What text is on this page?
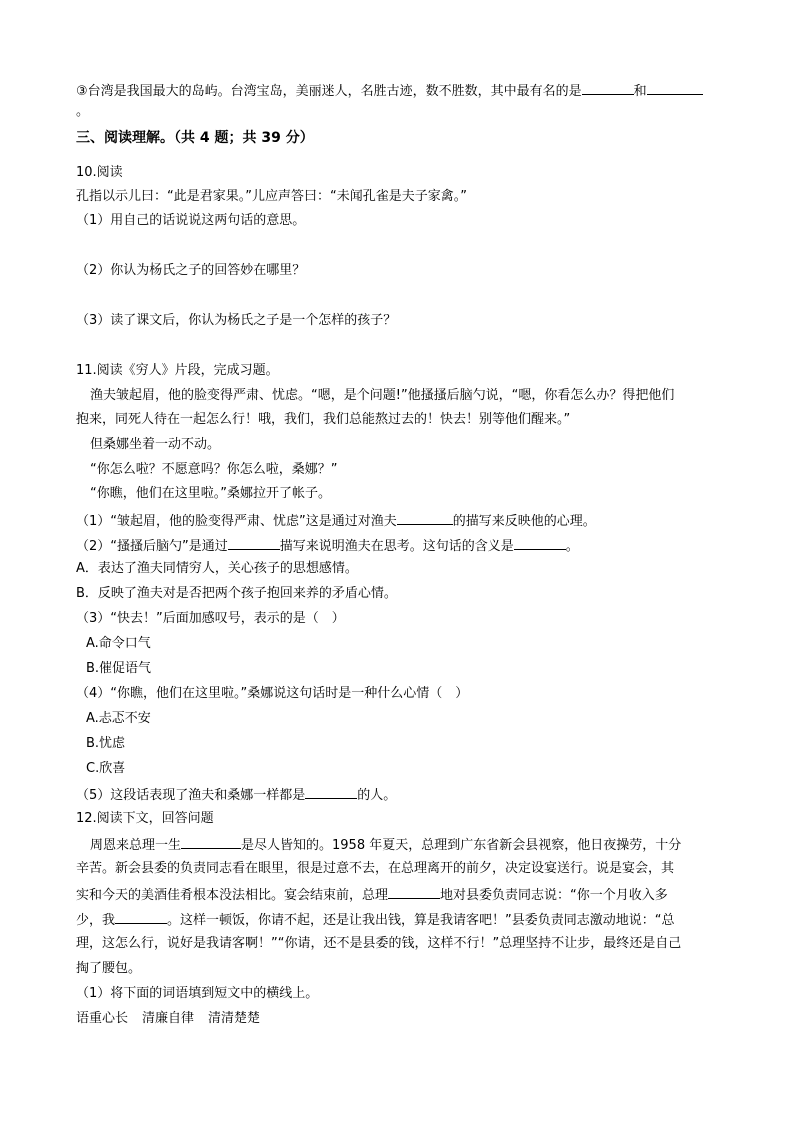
③台湾是我国最大的岛屿。台湾宝岛，美丽迷人，名胜古迹，数不胜数，其中最有名的是	和
。
三、阅读理解。（共 4 题；共 39 分）
10.阅读
孔指以示儿曰：“此是君家果。”儿应声答曰：“未闻孔雀是夫子家禽。”
（1）用自己的话说说这两句话的意思。
（2）你认为杨氏之子的回答妙在哪里？
（3）读了课文后，你认为杨氏之子是一个怎样的孩子？
11.阅读《穷人》片段，完成习题。
渔夫皱起眉，他的脸变得严肃、忧虑。“嗯，是个问题!”他搔搔后脑勺说，“嗯，你看怎么办？得把他们
抱来，同死人待在一起怎么行！哦，我们，我们总能熬过去的！快去！别等他们醒来。”
但桑娜坐着一动不动。
“你怎么啦？不愿意吗？你怎么啦，桑娜？”
“你瞧，他们在这里啦。”桑娜拉开了帐子。
（1）“皱起眉，他的脸变得严肃、忧虑”这是通过对渔夫	的描写来反映他的心理。
（2）“搔搔后脑勺”是通过	描写来说明渔夫在思考。这句话的含义是	。
A．表达了渔夫同情穷人，关心孩子的思想感情。
B．反映了渔夫对是否把两个孩子抱回来养的矛盾心情。
（3）“快去！”后面加感叹号，表示的是（　）
A.命令口气
B.催促语气
（4）“你瞧，他们在这里啦。”桑娜说这句话时是一种什么心情（　）
A.忐忑不安
B.忧虑
C.欣喜
（5）这段话表现了渔夫和桑娜一样都是	的人。
12.阅读下文，回答问题
周恩来总理一生	是尽人皆知的。1958 年夏天，总理到广东省新会县视察，他日夜操劳，十分
辛苦。新会县委的负责同志看在眼里，很是过意不去，在总理离开的前夕，决定设宴送行。说是宴会，其
实和今天的美酒佳肴根本没法相比。宴会结束前，总理	地对县委负责同志说：“你一个月收入多
少，我	。这样一顿饭，你请不起，还是让我出钱，算是我请客吧！”县委负责同志激动地说：“总
理，这怎么行，说好是我请客啊！”“你请，还不是县委的钱，这样不行！”总理坚持不让步，最终还是自己
掏了腰包。
（1）将下面的词语填到短文中的横线上。
语重心长 清廉自律 清清楚楚
